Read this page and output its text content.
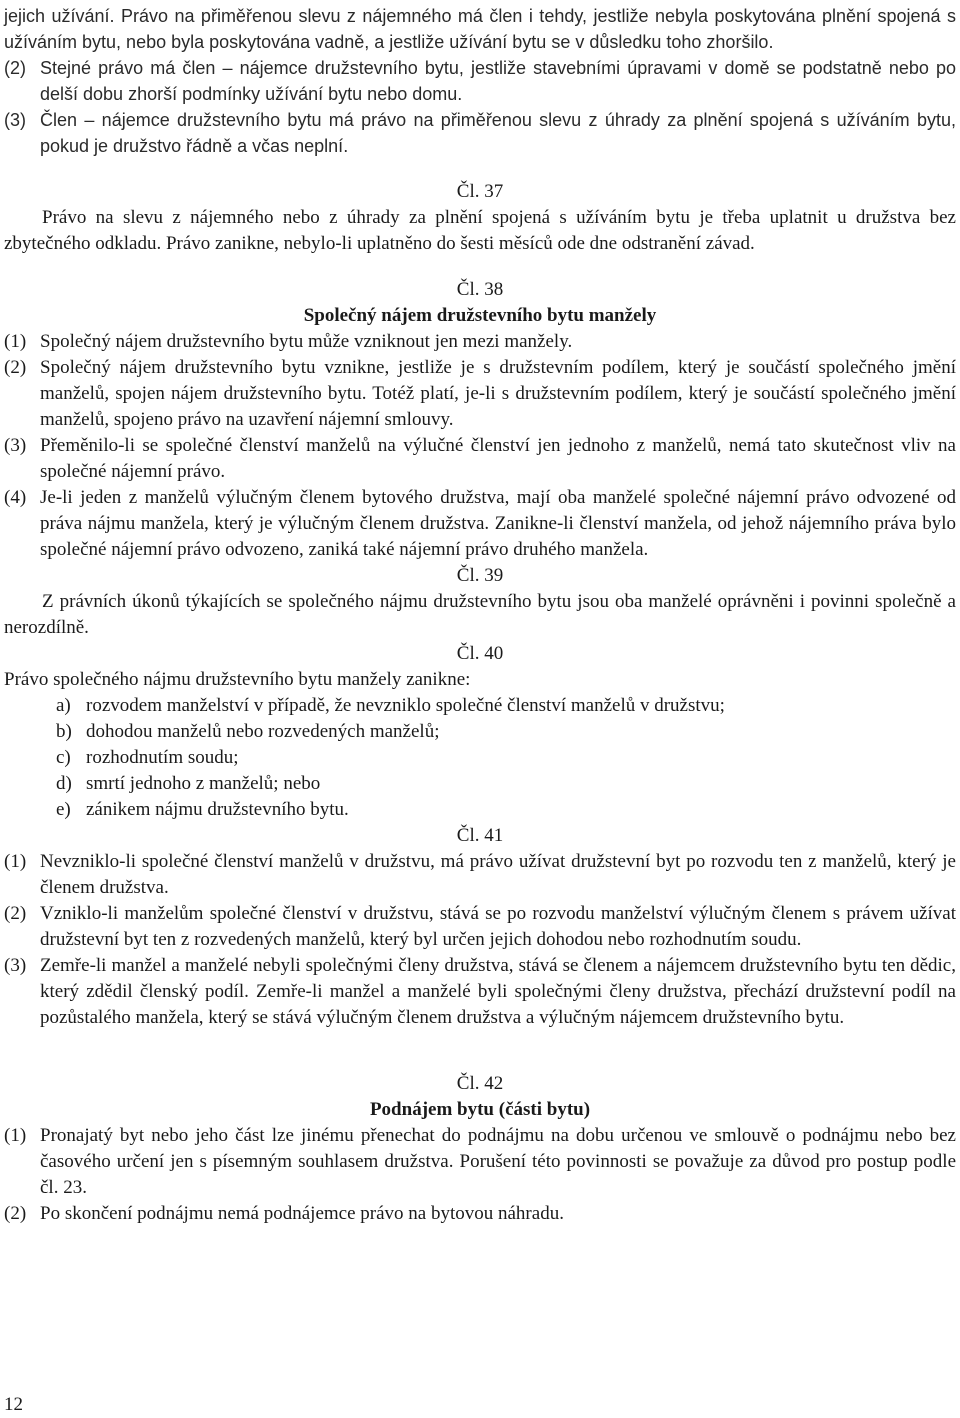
jejich užívání. Právo na přiměřenou slevu z nájemného má člen i tehdy, jestliže nebyla poskytována plnění spojená s užíváním bytu, nebo byla poskytována vadně, a jestliže užívání bytu se v důsledku toho zhoršilo.

(2) Stejné právo má člen – nájemce družstevního bytu, jestliže stavebními úpravami v domě se podstatně nebo po delší dobu zhorší podmínky užívání bytu nebo domu.
(3) Člen – nájemce družstevního bytu má právo na přiměřenou slevu z úhrady za plnění spojená s užíváním bytu, pokud je družstvo řádně a včas neplní.

Čl. 37

Právo na slevu z nájemného nebo z úhrady za plnění spojená s užíváním bytu je třeba uplatnit u družstva bez zbytečného odkladu. Právo zanikne, nebylo-li uplatněno do šesti měsíců ode dne odstranění závad.

Čl. 38

Společný nájem družstevního bytu manžely

(1) Společný nájem družstevního bytu může vzniknout jen mezi manžely.
(2) Společný nájem družstevního bytu vznikne, jestliže je s družstevním podílem, který je součástí společného jmění manželů, spojen nájem družstevního bytu. Totéž platí, je-li s družstevním podílem, který je součástí společného jmění manželů, spojeno právo na uzavření nájemní smlouvy.
(3) Přeměnilo-li se společné členství manželů na výlučné členství jen jednoho z manželů, nemá tato skutečnost vliv na společné nájemní právo.
(4) Je-li jeden z manželů výlučným členem bytového družstva, mají oba manželé společné nájemní právo odvozené od práva nájmu manžela, který je výlučným členem družstva. Zanikne-li členství manžela, od jehož nájemního práva bylo společné nájemní právo odvozeno, zaniká také nájemní právo druhého manžela.

Čl. 39

Z právních úkonů týkajících se společného nájmu družstevního bytu jsou oba manželé oprávněni i povinni společně a nerozdílně.

Čl. 40

Právo společného nájmu družstevního bytu manžely zanikne:

a) rozvodem manželství v případě, že nevzniklo společné členství manželů v družstvu;
b) dohodou manželů nebo rozvedených manželů;
c) rozhodnutím soudu;
d) smrtí jednoho z manželů; nebo
e) zánikem nájmu družstevního bytu.

Čl. 41

(1) Nevzniklo-li společné členství manželů v družstvu, má právo užívat družstevní byt po rozvodu ten z manželů, který je členem družstva.
(2) Vzniklo-li manželům společné členství v družstvu, stává se po rozvodu manželství výlučným členem s právem užívat družstevní byt ten z rozvedených manželů, který byl určen jejich dohodou nebo rozhodnutím soudu.
(3) Zemře-li manžel a manželé nebyli společnými členy družstva, stává se členem a nájemcem družstevního bytu ten dědic, který zdědil členský podíl. Zemře-li manžel a manželé byli společnými členy družstva, přechází družstevní podíl na pozůstalého manžela, který se stává výlučným členem družstva a výlučným nájemcem družstevního bytu.

Čl. 42

Podnájem bytu (části bytu)

(1) Pronajatý byt nebo jeho část lze jinému přenechat do podnájmu na dobu určenou ve smlouvě o podnájmu nebo bez časového určení jen s písemným souhlasem družstva. Porušení této povinnosti se považuje za důvod pro postup podle čl. 23.
(2) Po skončení podnájmu nemá podnájemce právo na bytovou náhradu.
12
